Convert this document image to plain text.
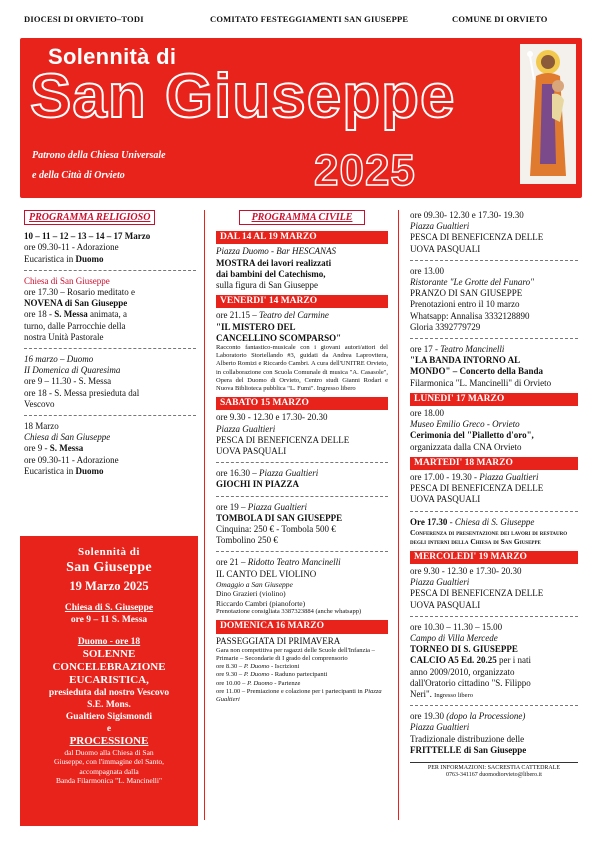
DIOCESI DI ORVIETO–TODI	COMITATO FESTEGGIAMENTI SAN GIUSEPPE	COMUNE DI ORVIETO
Solennità di
San Giuseppe
Patrono della Chiesa Universale
e della Città di Orvieto	2025
PROGRAMMA RELIGIOSO
10 – 11 – 12 – 13 – 14 – 17 Marzo
ore 09.30-11 - Adorazione
Eucaristica in Duomo
Chiesa di San Giuseppe
ore 17.30 – Rosario meditato e
NOVENA di San Giuseppe
ore 18 - S. Messa animata, a
turno, dalle Parrocchie della
nostra Unità Pastorale
16 marzo – Duomo
II Domenica di Quaresima
ore 9 – 11.30 - S. Messa
ore 18 - S. Messa presieduta dal
Vescovo
18 Marzo
Chiesa di San Giuseppe
ore 9 - S. Messa
ore 09.30-11 - Adorazione
Eucaristica in Duomo
Solennità di
San Giuseppe
19 Marzo 2025
Chiesa di S. Giuseppe
ore 9 – 11 S. Messa
Duomo - ore 18
SOLENNE
CONCELEBRAZIONE
EUCARISTICA,
presieduta dal nostro Vescovo
S.E. Mons.
Gualtiero Sigismondi
e
PROCESSIONE
dal Duomo alla Chiesa di San
Giuseppe, con l'immagine del Santo,
accompagnata dalla
Banda Filarmonica "L. Mancinelli"
PROGRAMMA CIVILE
DAL 14 AL 19 MARZO
Piazza Duomo - Bar HESCANAS
MOSTRA dei lavori realizzati
dai bambini del Catechismo,
sulla figura di San Giuseppe
VENERDI' 14 MARZO
ore 21.15 – Teatro del Carmine
"IL MISTERO DEL
CANCELLINO SCOMPARSO"
Racconto fantastico-musicale con i giovani autori/attori del Laboratorio Storiellando #3, guidati da Andrea Laprovitera, Alberto Romizi e Riccardo Cambri. A cura dell'UNITRE Orvieto, in collaborazione con Scuola Comunale di musica "A. Casasole", Opera del Duomo di Orvieto, Centro studi Gianni Rodari e Nuova Biblioteca pubblica "L. Fumi". Ingresso libero
SABATO 15 MARZO
ore 9.30 - 12.30 e 17.30- 20.30
Piazza Gualtieri
PESCA DI BENEFICENZA DELLE
UOVA PASQUALI
ore 16.30 – Piazza Gualtieri
GIOCHI IN PIAZZA
ore 19 – Piazza Gualtieri
TOMBOLA DI SAN GIUSEPPE
Cinquina: 250 € - Tombola 500 €
Tombolino 250 €
ore 21 – Ridotto Teatro Mancinelli
IL CANTO DEL VIOLINO
Omaggio a San Giuseppe
Dino Grazieri (violino)
Riccardo Cambri (pianoforte)
Prenotazione consigliata 3387323884 (anche whatsapp)
DOMENICA 16 MARZO
PASSEGGIATA DI PRIMAVERA
Gara non competitiva per ragazzi delle Scuole dell'Infanzia – Primarie – Secondarie di I grado del comprensorio
ore 8.30 – P. Duomo - Iscrizioni
ore 9.30 – P. Duomo - Raduno partecipanti
ore 10.00 – P. Duomo - Partenze
ore 11.00 – Premiazione e colazione per i partecipanti in Piazza Gualtieri
ore 09.30- 12.30 e 17.30- 19.30
Piazza Gualtieri
PESCA DI BENEFICENZA DELLE
UOVA PASQUALI
ore 13.00
Ristorante "Le Grotte del Funaro"
PRANZO DI SAN GIUSEPPE
Prenotazioni entro il 10 marzo
Whatsapp: Annalisa 3332128890
Gloria 3392779729
ore 17 - Teatro Mancinelli
"LA BANDA INTORNO AL
MONDO" – Concerto della Banda
Filarmonica "L. Mancinelli" di Orvieto
LUNEDI' 17 MARZO
ore 18.00
Museo Emilio Greco - Orvieto
Cerimonia del "Pialletto d'oro",
organizzata dalla CNA Orvieto
MARTEDI' 18 MARZO
ore 17.00 - 19.30 - Piazza Gualtieri
PESCA DI BENEFICENZA DELLE
UOVA PASQUALI
Ore 17.30 - Chiesa di S. Giuseppe
Conferenza di presentazione dei lavori di restauro degli interni della Chiesa di San Giuseppe
MERCOLEDI' 19 MARZO
ore 9.30 - 12.30 e 17.30- 20.30
Piazza Gualtieri
PESCA DI BENEFICENZA DELLE
UOVA PASQUALI
ore 10.30 – 11.30 – 15.00
Campo di Villa Mercede
TORNEO DI S. GIUSEPPE
CALCIO A5 Ed. 20.25 per i nati
anno 2009/2010, organizzato
dall'Oratorio cittadino "S. Filippo
Neri". Ingresso libero
ore 19.30 (dopo la Processione)
Piazza Gualtieri
Tradizionale distribuzione delle
FRITTELLE di San Giuseppe
PER INFORMAZIONI: SACRESTIA CATTEDRALE
0763-341167 duomodiorvieto@libero.it
